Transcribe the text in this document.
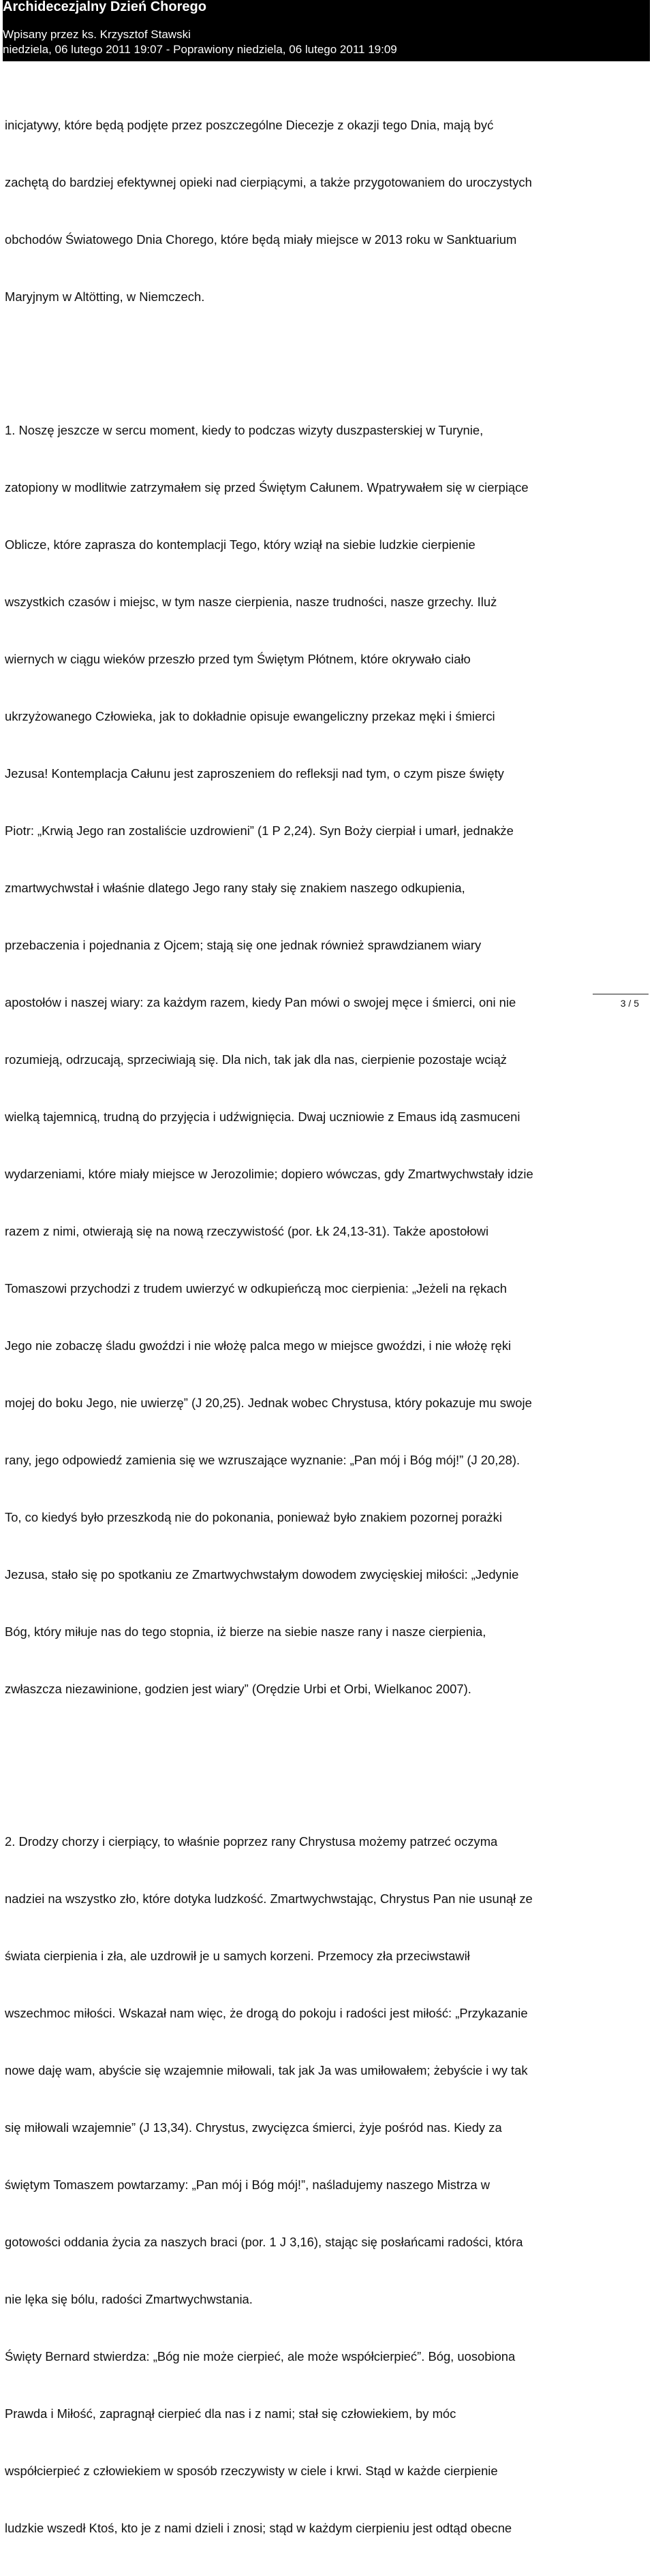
Archidecezjalny Dzień Chorego
Wpisany przez ks. Krzysztof Stawski
niedziela, 06 lutego 2011 19:07 - Poprawiony niedziela, 06 lutego 2011 19:09

inicjatywy, które będą podjęte przez poszczególne Diecezje z okazji tego Dnia, mają być

zachętą do bardziej efektywnej opieki nad cierpiącymi, a także przygotowaniem do uroczystych

obchodów Światowego Dnia Chorego, które będą miały miejsce w 2013 roku w Sanktuarium

Maryjnym w Altötting, w Niemczech.

1. Noszę jeszcze w sercu moment, kiedy to podczas wizyty duszpasterskiej w Turynie,

zatopiony w modlitwie zatrzymałem się przed Świętym Całunem. Wpatrywałem się w cierpiące

Oblicze, które zaprasza do kontemplacji Tego, który wziął na siebie ludzkie cierpienie

wszystkich czasów i miejsc, w tym nasze cierpienia, nasze trudności, nasze grzechy. Iluż

wiernych w ciągu wieków przeszło przed tym Świętym Płótnem, które okrywało ciało

ukrzyżowanego Człowieka, jak to dokładnie opisuje ewangeliczny przekaz męki i śmierci

Jezusa! Kontemplacja Całunu jest zaproszeniem do refleksji nad tym, o czym pisze święty

Piotr: „Krwią Jego ran zostaliście uzdrowieni” (1 P 2,24). Syn Boży cierpiał i umarł, jednakże

zmartwychwstał i właśnie dlatego Jego rany stały się znakiem naszego odkupienia,

przebaczenia i pojednania z Ojcem; stają się one jednak również sprawdzianem wiary

apostołów i naszej wiary: za każdym razem, kiedy Pan mówi o swojej męce i śmierci, oni nie

rozumieją, odrzucają, sprzeciwiają się. Dla nich, tak jak dla nas, cierpienie pozostaje wciąż

wielką tajemnicą, trudną do przyjęcia i udźwignięcia. Dwaj uczniowie z Emaus idą zasmuceni

wydarzeniami, które miały miejsce w Jerozolimie; dopiero wówczas, gdy Zmartwychwstały idzie

razem z nimi, otwierają się na nową rzeczywistość (por. Łk 24,13-31). Także apostołowi

Tomaszowi przychodzi z trudem uwierzyć w odkupieńczą moc cierpienia: „Jeżeli na rękach

Jego nie zobaczę śladu gwoździ i nie włożę palca mego w miejsce gwoździ, i nie włożę ręki

mojej do boku Jego, nie uwierzę” (J 20,25). Jednak wobec Chrystusa, który pokazuje mu swoje

rany, jego odpowiedź zamienia się we wzruszające wyznanie: „Pan mój i Bóg mój!” (J 20,28).

To, co kiedyś było przeszkodą nie do pokonania, ponieważ było znakiem pozornej porażki

Jezusa, stało się po spotkaniu ze Zmartwychwstałym dowodem zwycięskiej miłości: „Jedynie

Bóg, który miłuje nas do tego stopnia, iż bierze na siebie nasze rany i nasze cierpienia,

zwłaszcza niezawinione, godzien jest wiary” (Orędzie Urbi et Orbi, Wielkanoc 2007).

2. Drodzy chorzy i cierpiący, to właśnie poprzez rany Chrystusa możemy patrzeć oczyma

nadziei na wszystko zło, które dotyka ludzkość. Zmartwychwstając, Chrystus Pan nie usunął ze

świata cierpienia i zła, ale uzdrowił je u samych korzeni. Przemocy zła przeciwstawił

wszechmoc miłości. Wskazał nam więc, że drogą do pokoju i radości jest miłość: „Przykazanie

nowe daję wam, abyście się wzajemnie miłowali, tak jak Ja was umiłowałem; żebyście i wy tak

się miłowali wzajemnie” (J 13,34). Chrystus, zwycięzca śmierci, żyje pośród nas. Kiedy za

świętym Tomaszem powtarzamy: „Pan mój i Bóg mój!”, naśladujemy naszego Mistrza w

gotowości oddania życia za naszych braci (por. 1 J 3,16), stając się posłańcami radości, która

nie lęka się bólu, radości Zmartwychwstania.

Święty Bernard stwierdza: „Bóg nie może cierpieć, ale może współcierpieć”. Bóg, uosobiona

Prawda i Miłość, zapragnął cierpieć dla nas i z nami; stał się człowiekiem, by móc

współcierpieć z człowiekiem w sposób rzeczywisty w ciele i krwi. Stąd w każde cierpienie

ludzkie wszedł Ktoś, kto je z nami dzieli i znosi; stąd w każdym cierpieniu jest odtąd obecne

3 / 5
